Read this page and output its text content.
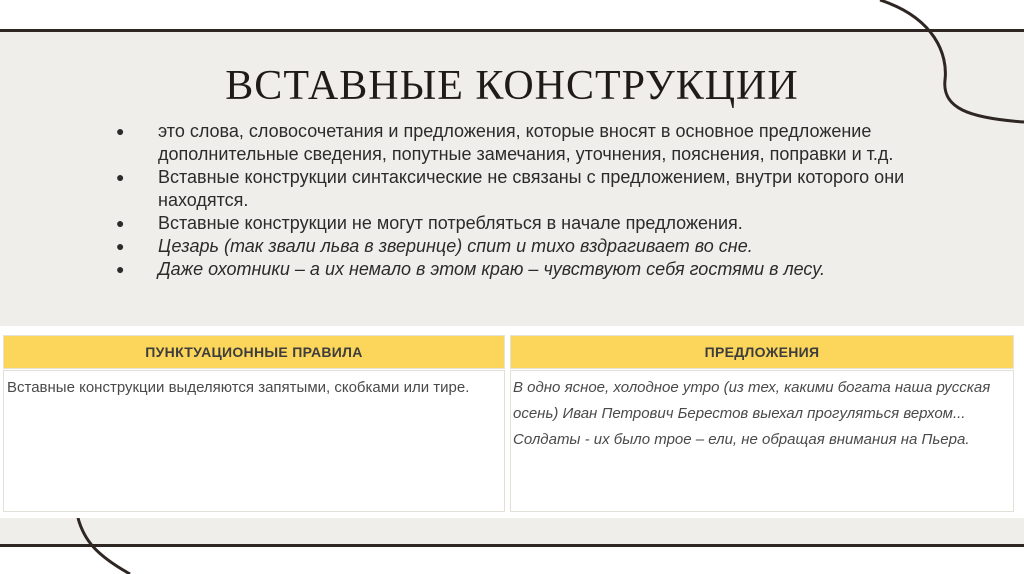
ВСТАВНЫЕ КОНСТРУКЦИИ
● это слова, словосочетания и предложения, которые вносят в основное предложение дополнительные сведения, попутные замечания, уточнения, пояснения, поправки и т.д.
● Вставные конструкции синтаксические не связаны с предложением, внутри которого они находятся.
● Вставные конструкции не могут потребляться в начале предложения.
● Цезарь (так звали льва в зверинце) спит и тихо вздрагивает во сне.
● Даже охотники – а их немало в этом краю – чувствуют себя гостями в лесу.
ПУНКТУАЦИОННЫЕ ПРАВИЛА	ПРЕДЛОЖЕНИЯ
Вставные конструкции выделяются запятыми, скобками или тире.	В одно ясное, холодное утро (из тех, какими богата наша русская осень) Иван Петрович Берестов выехал прогуляться верхом...

Солдаты - их было трое – ели, не обращая внимания на Пьера.
